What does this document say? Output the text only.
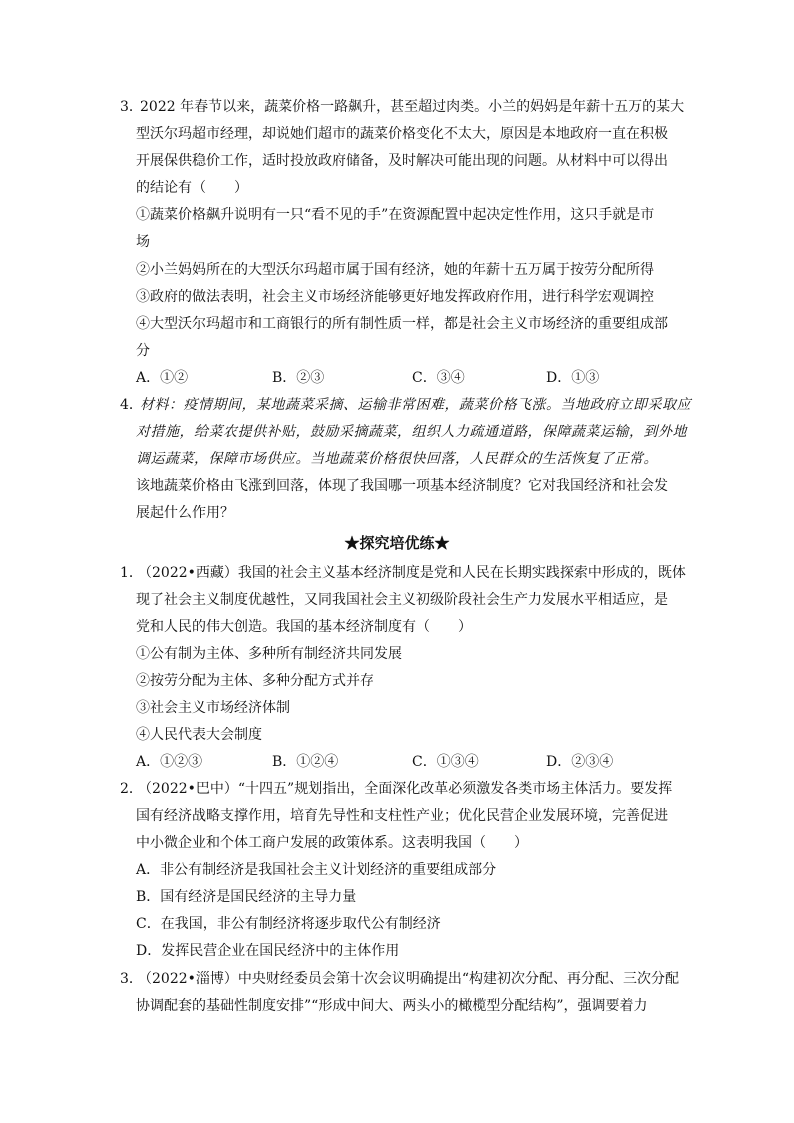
3．
2022 年春节以来，蔬菜价格一路飙升，甚至超过肉类。小兰的妈妈是年薪十五万的某大
型沃尔玛超市经理，却说她们超市的蔬菜价格变化不太大，原因是本地政府一直在积极
开展保供稳价工作，适时投放政府储备，及时解决可能出现的问题。从材料中可以得出
的结论有（　　）
①蔬菜价格飙升说明有一只“看不见的手”在资源配置中起决定性作用，这只手就是市
场
②小兰妈妈所在的大型沃尔玛超市属于国有经济，她的年薪十五万属于按劳分配所得
③政府的做法表明，社会主义市场经济能够更好地发挥政府作用，进行科学宏观调控
④大型沃尔玛超市和工商银行的所有制性质一样，都是社会主义市场经济的重要组成部
分
A．①②	B．②③	C．③④	D．①③
4．
材料：疫情期间，某地蔬菜采摘、运输非常困难，蔬菜价格飞涨。当地政府立即采取应
对措施，给菜农提供补贴，鼓励采摘蔬菜，组织人力疏通道路，保障蔬菜运输，到外地
调运蔬菜，保障市场供应。当地蔬菜价格很快回落，人民群众的生活恢复了正常。
该地蔬菜价格由飞涨到回落，体现了我国哪一项基本经济制度？它对我国经济和社会发
展起什么作用？
★探究培优练★
1．
（2022•西藏）我国的社会主义基本经济制度是党和人民在长期实践探索中形成的，既体
现了社会主义制度优越性，又同我国社会主义初级阶段社会生产力发展水平相适应，是
党和人民的伟大创造。我国的基本经济制度有（　　）
①公有制为主体、多种所有制经济共同发展
②按劳分配为主体、多种分配方式并存
③社会主义市场经济体制
④人民代表大会制度
A．①②③	B．①②④	C．①③④	D．②③④
2．
（2022•巴中）“十四五”规划指出，全面深化改革必须激发各类市场主体活力。要发挥
国有经济战略支撑作用，培育先导性和支柱性产业；优化民营企业发展环境，完善促进
中小微企业和个体工商户发展的政策体系。这表明我国（　　）
A．非公有制经济是我国社会主义计划经济的重要组成部分
B．国有经济是国民经济的主导力量
C．在我国，非公有制经济将逐步取代公有制经济
D．发挥民营企业在国民经济中的主体作用
3．
（2022•淄博）中央财经委员会第十次会议明确提出“构建初次分配、再分配、三次分配
协调配套的基础性制度安排”“形成中间大、两头小的橄榄型分配结构”，强调要着力
